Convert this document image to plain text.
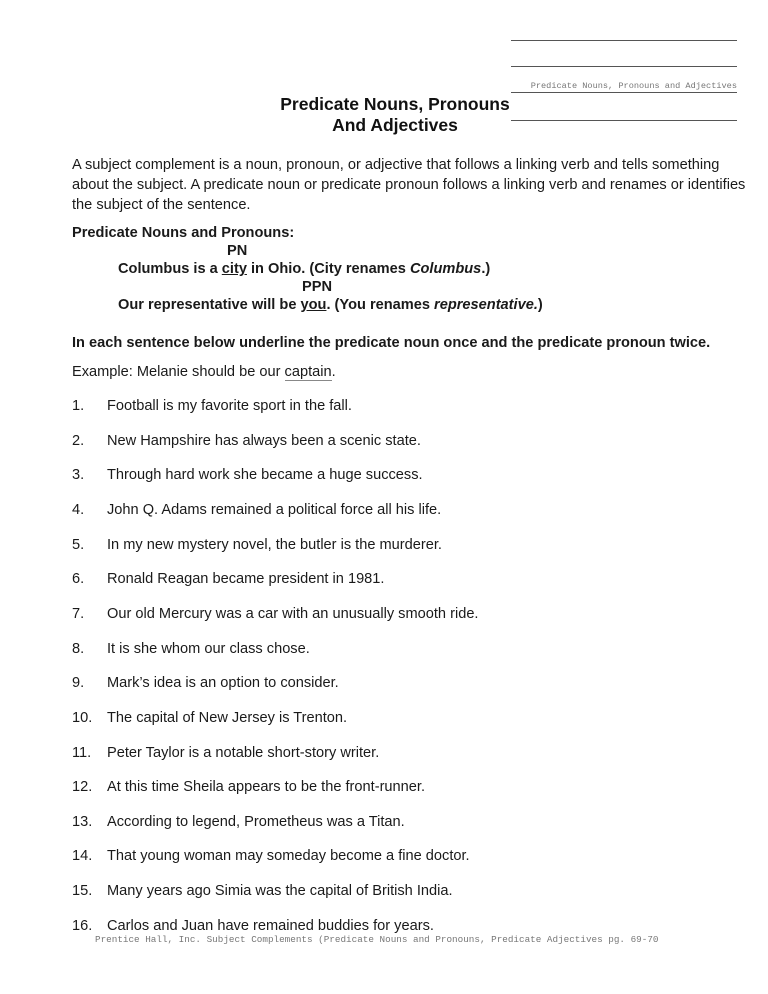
Predicate Nouns, Pronouns and Adjectives
Predicate Nouns, Pronouns
And Adjectives
A subject complement is a noun, pronoun, or adjective that follows a linking verb and tells something about the subject. A predicate noun or predicate pronoun follows a linking verb and renames or identifies the subject of the sentence.
Predicate Nouns and Pronouns:
PN
Columbus is a city in Ohio. (City renames Columbus.)
PPN
Our representative will be you. (You renames representative.)
In each sentence below underline the predicate noun once and the predicate pronoun twice.
Example: Melanie should be our captain.
1. Football is my favorite sport in the fall.
2. New Hampshire has always been a scenic state.
3. Through hard work she became a huge success.
4. John Q. Adams remained a political force all his life.
5. In my new mystery novel, the butler is the murderer.
6. Ronald Reagan became president in 1981.
7. Our old Mercury was a car with an unusually smooth ride.
8. It is she whom our class chose.
9. Mark’s idea is an option to consider.
10. The capital of New Jersey is Trenton.
11. Peter Taylor is a notable short-story writer.
12. At this time Sheila appears to be the front-runner.
13. According to legend, Prometheus was a Titan.
14. That young woman may someday become a fine doctor.
15. Many years ago Simia was the capital of British India.
16. Carlos and Juan have remained buddies for years.
Prentice Hall, Inc. Subject Complements (Predicate Nouns and Pronouns, Predicate Adjectives pg. 69-70
